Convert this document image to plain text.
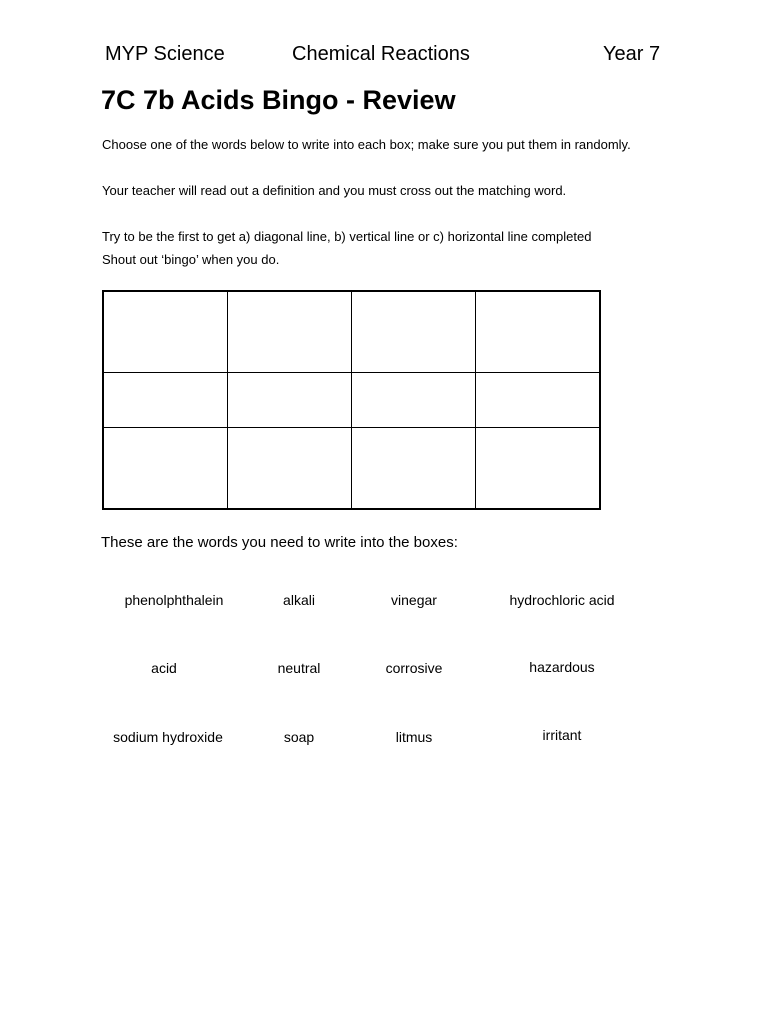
MYP Science	Chemical Reactions	Year 7
7C 7b Acids Bingo - Review
Choose one of the words below to write into each box; make sure you put them in randomly.
Your teacher will read out a definition and you must cross out the matching word.
Try to be the first to get a) diagonal line, b) vertical line or c) horizontal line completed
Shout out ‘bingo’ when you do.

These are the words you need to write into the boxes:
phenolphthalein	alkali	vinegar	hydrochloric acid
acid	neutral	corrosive	hazardous
sodium hydroxide	soap	litmus	irritant
